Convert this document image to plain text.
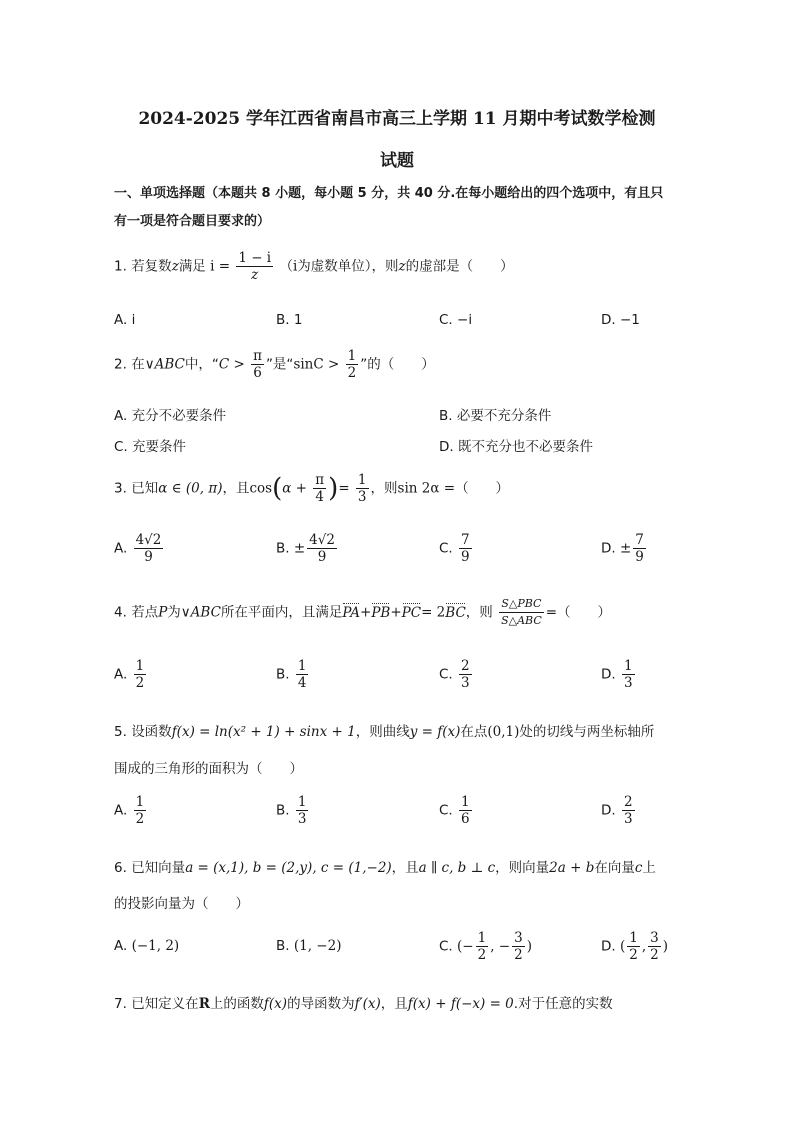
2024-2025 学年江西省南昌市高三上学期 11 月期中考试数学检测
试题
一、单项选择题（本题共 8 小题，每小题 5 分，共 40 分.在每小题给出的四个选项中，有且只
有一项是符合题目要求的）
1. 若复数z满足 $i = \frac{1 - i}{z} (i$为虚数单位），则z的虚部是（　　）
A. i	B. 1	C. −i	D. −1
2. 在∨ABC中，“$C > \frac{\pi}{6}$ ”是“$\sin C > \frac{1}{2}$ ”的（　　）
A. 充分不必要条件	B. 必要不充分条件
C. 充要条件	D. 既不充分也不必要条件
3. 已知α ∈ (0, π)，且$\cos(\alpha + \frac{\pi}{4}$ )= $\frac{1}{3}$ ，则sin 2α =（　　）
A. $\frac{4√2}{9}$	B. ± $\frac{4√2}{9}$	C. $\frac{7}{9}$	D. ± $\frac{7}{9}$
4. 若点P为∨ABC所在平面内，且满足PA+PB+PC= 2BC，则 $\frac{\text{S△PBC}}{\text{S△ABC}}$ =（　　）
A. $\frac{1}{2}$	B. $\frac{1}{4}$	C. $\frac{2}{3}$	D. $\frac{1}{3}$
5. 设函数f(x) = ln(x² + 1) + sinx + 1，则曲线y = f(x)在点(0,1)处的切线与两坐标轴所
围成的三角形的面积为（　　）
A. $\frac{1}{2}$	B. $\frac{1}{3}$	C. $\frac{1}{6}$	D. $\frac{2}{3}$
6. 已知向量a = (x,1), b = (2,y), c = (1,−2)，且a ∥ c, b ⊥ c，则向量2a + b在向量c上
的投影向量为（　　）
A. (−1, 2)	B. (1, −2)	C. (− $\frac{1}{2}$ , − $\frac{3}{2}$ )	D. ( $\frac{1}{2}$ , $\frac{3}{2}$ )
7. 已知定义在R上的函数f(x)的导函数为f′(x)，且f(x) + f(−x) = 0.对于任意的实数
